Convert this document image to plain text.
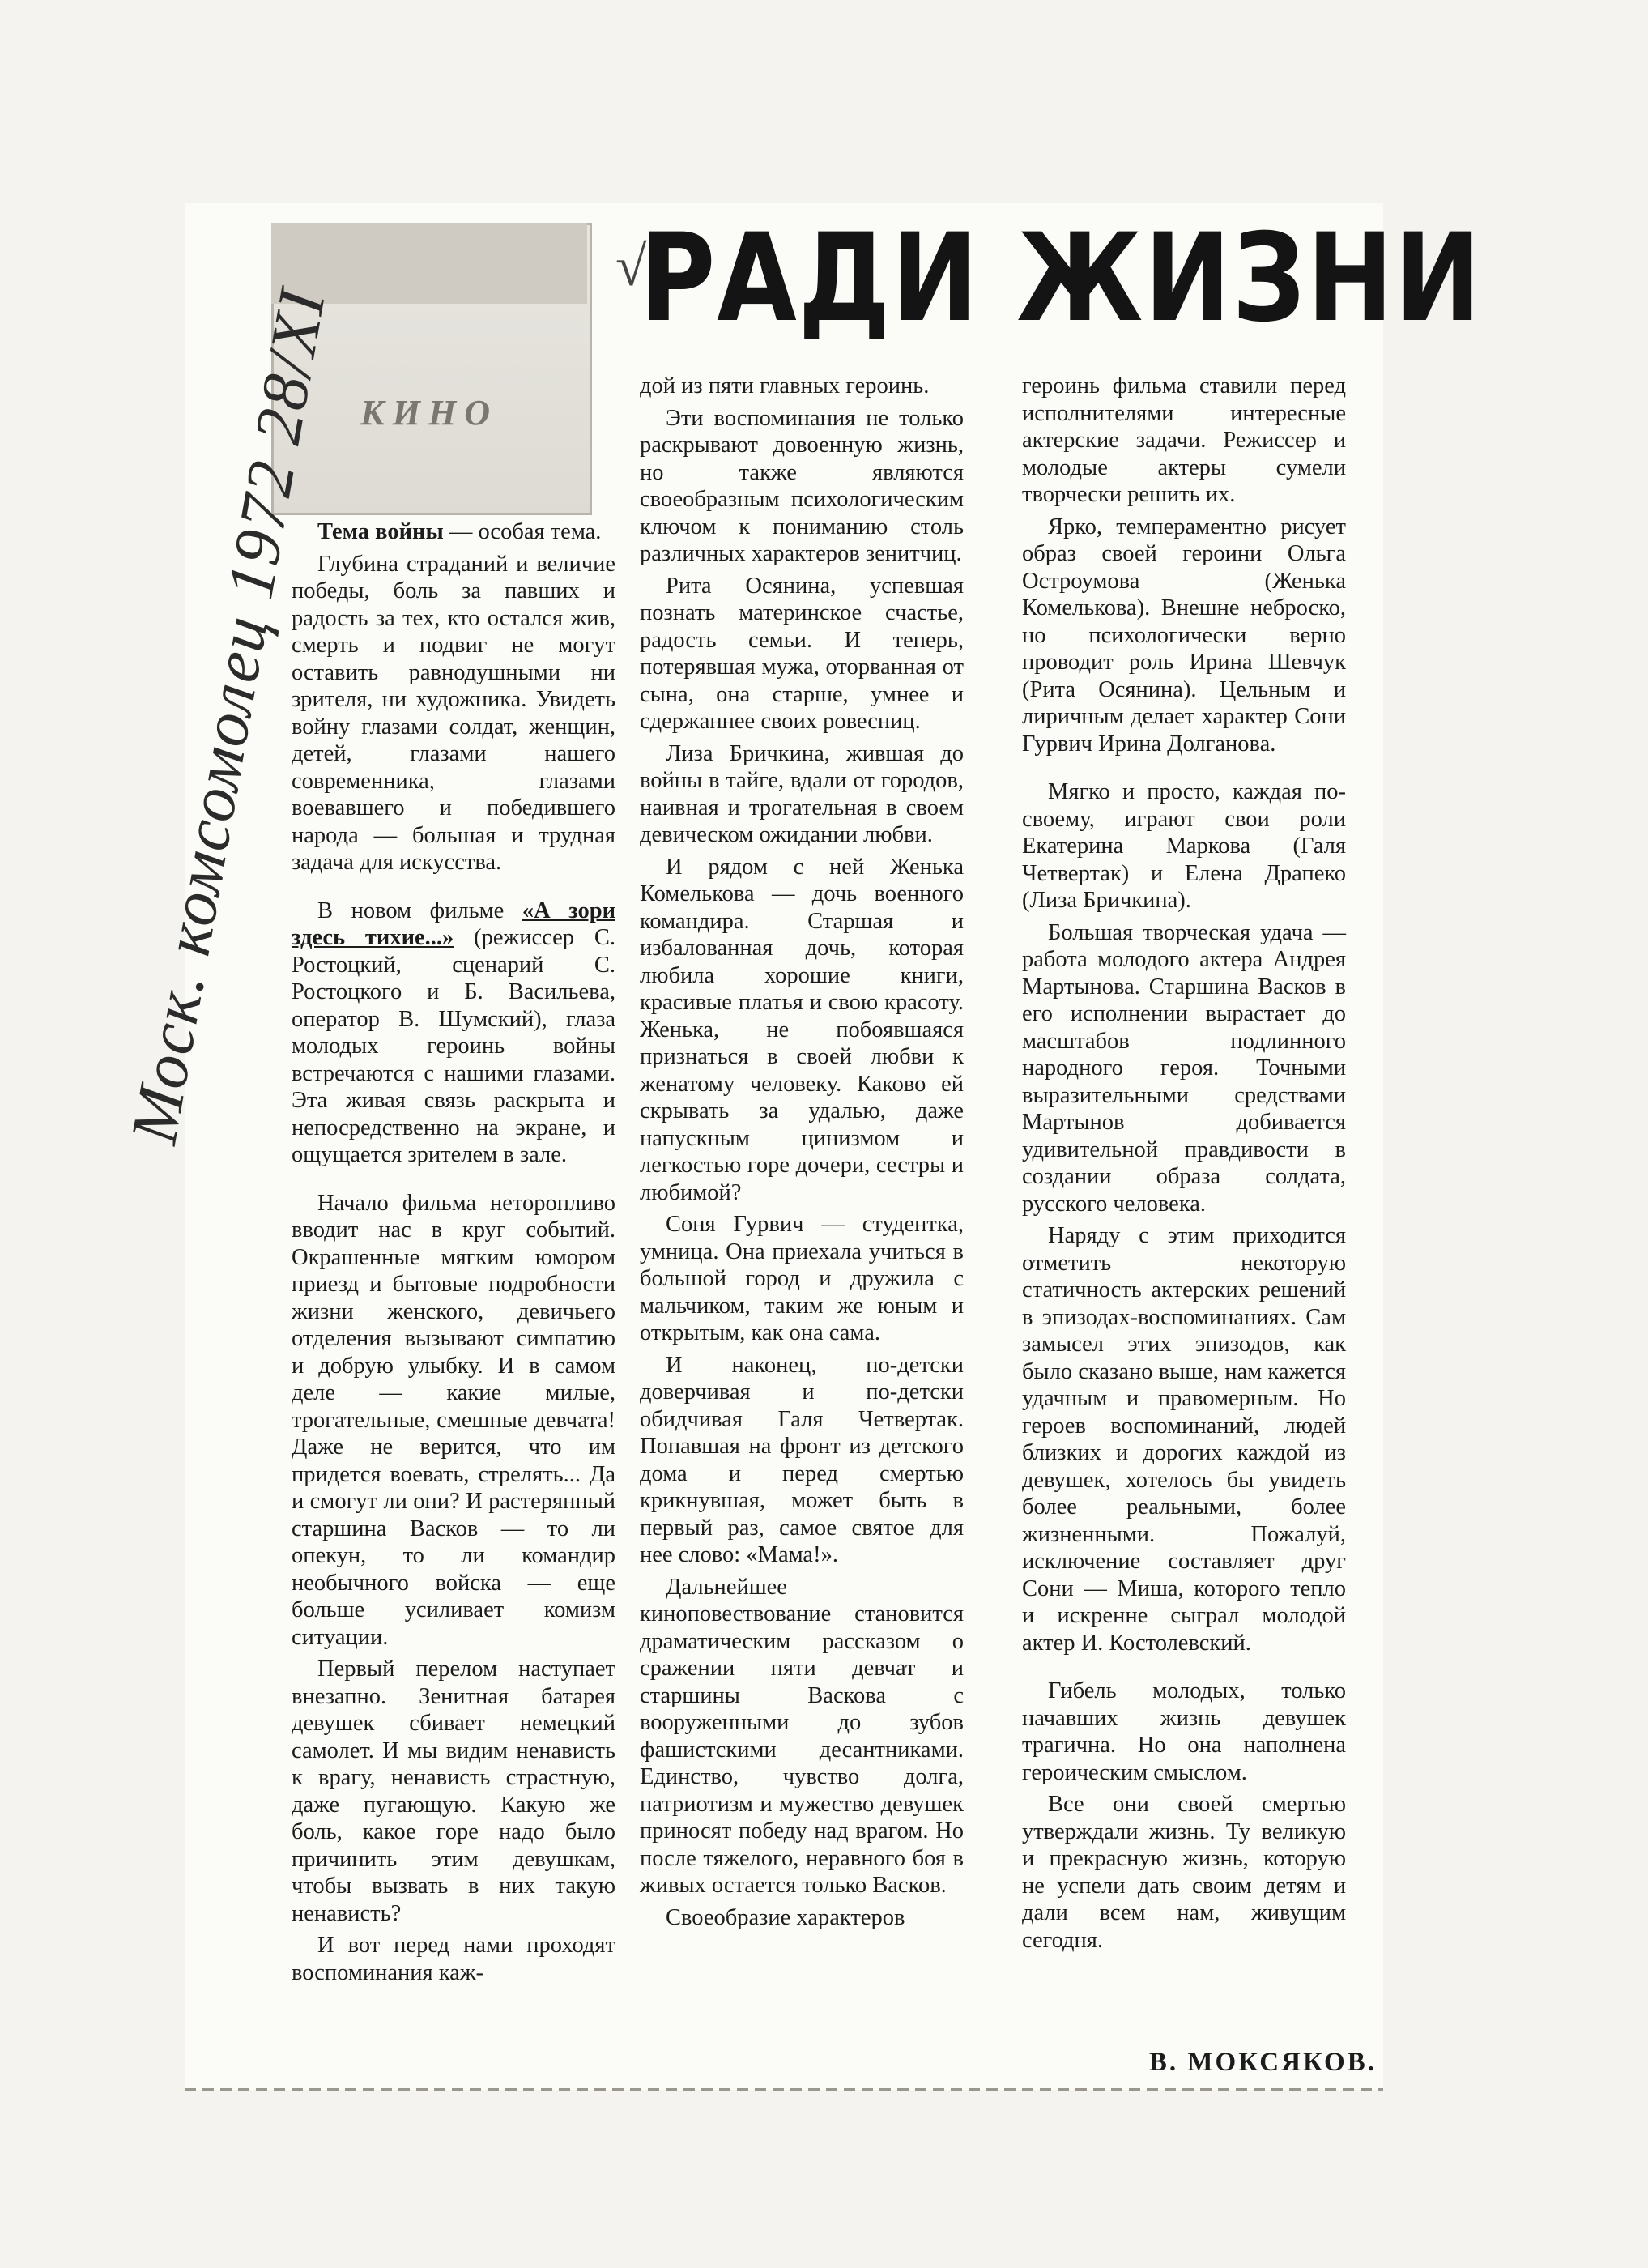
КИНО
√
РАДИ ЖИЗНИ
Моск. комсомолец 1972 28/XI

Тема войны — особая тема.

Глубина страданий и величие победы, боль за павших и радость за тех, кто остался жив, смерть и подвиг не могут оставить равнодушными ни зрителя, ни художника. Увидеть войну глазами солдат, женщин, детей, глазами нашего современника, глазами воевавшего и победившего народа — большая и трудная задача для искусства.

В новом фильме «А зори здесь тихие...» (режиссер С. Ростоцкий, сценарий С. Ростоцкого и Б. Васильева, оператор В. Шумский), глаза молодых героинь войны встречаются с нашими глазами. Эта живая связь раскрыта и непосредственно на экране, и ощущается зрителем в зале.

Начало фильма неторопливо вводит нас в круг событий. Окрашенные мягким юмором приезд и бытовые подробности жизни женского, девичьего отделения вызывают симпатию и добрую улыбку. И в самом деле — какие милые, трогательные, смешные девчата! Даже не верится, что им придется воевать, стрелять... Да и смогут ли они? И растерянный старшина Васков — то ли опекун, то ли командир необычного войска — еще больше усиливает комизм ситуации.

Первый перелом наступает внезапно. Зенитная батарея девушек сбивает немецкий самолет. И мы видим ненависть к врагу, ненависть страстную, даже пугающую. Какую же боль, какое горе надо было причинить этим девушкам, чтобы вызвать в них такую ненависть?

И вот перед нами проходят воспоминания каж-

дой из пяти главных героинь.

Эти воспоминания не только раскрывают довоенную жизнь, но также являются своеобразным психологическим ключом к пониманию столь различных характеров зенитчиц.

Рита Осянина, успевшая познать материнское счастье, радость семьи. И теперь, потерявшая мужа, оторванная от сына, она старше, умнее и сдержаннее своих ровесниц.

Лиза Бричкина, жившая до войны в тайге, вдали от городов, наивная и трогательная в своем девическом ожидании любви.

И рядом с ней Женька Комелькова — дочь военного командира. Старшая и избалованная дочь, которая любила хорошие книги, красивые платья и свою красоту. Женька, не побоявшаяся признаться в своей любви к женатому человеку. Каково ей скрывать за удалью, даже напускным цинизмом и легкостью горе дочери, сестры и любимой?

Соня Гурвич — студентка, умница. Она приехала учиться в большой город и дружила с мальчиком, таким же юным и открытым, как она сама.

И наконец, по-детски доверчивая и по-детски обидчивая Галя Четвертак. Попавшая на фронт из детского дома и перед смертью крикнувшая, может быть в первый раз, самое святое для нее слово: «Мама!».

Дальнейшее киноповествование становится драматическим рассказом о сражении пяти девчат и старшины Васкова с вооруженными до зубов фашистскими десантниками. Единство, чувство долга, патриотизм и мужество девушек приносят победу над врагом. Но после тяжелого, неравного боя в живых остается только Васков.

Своеобразие характеров

героинь фильма ставили перед исполнителями интересные актерские задачи. Режиссер и молодые актеры сумели творчески решить их.

Ярко, темпераментно рисует образ своей героини Ольга Остроумова (Женька Комелькова). Внешне неброско, но психологически верно проводит роль Ирина Шевчук (Рита Осянина). Цельным и лиричным делает характер Сони Гурвич Ирина Долганова.

Мягко и просто, каждая по-своему, играют свои роли Екатерина Маркова (Галя Четвертак) и Елена Драпеко (Лиза Бричкина).

Большая творческая удача — работа молодого актера Андрея Мартынова. Старшина Васков в его исполнении вырастает до масштабов подлинного народного героя. Точными выразительными средствами Мартынов добивается удивительной правдивости в создании образа солдата, русского человека.

Наряду с этим приходится отметить некоторую статичность актерских решений в эпизодах-воспоминаниях. Сам замысел этих эпизодов, как было сказано выше, нам кажется удачным и правомерным. Но героев воспоминаний, людей близких и дорогих каждой из девушек, хотелось бы увидеть более реальными, более жизненными. Пожалуй, исключение составляет друг Сони — Миша, которого тепло и искренне сыграл молодой актер И. Костолевский.

Гибель молодых, только начавших жизнь девушек трагична. Но она наполнена героическим смыслом.

Все они своей смертью утверждали жизнь. Ту великую и прекрасную жизнь, которую не успели дать своим детям и дали всем нам, живущим сегодня.

В. МОКСЯКОВ.
